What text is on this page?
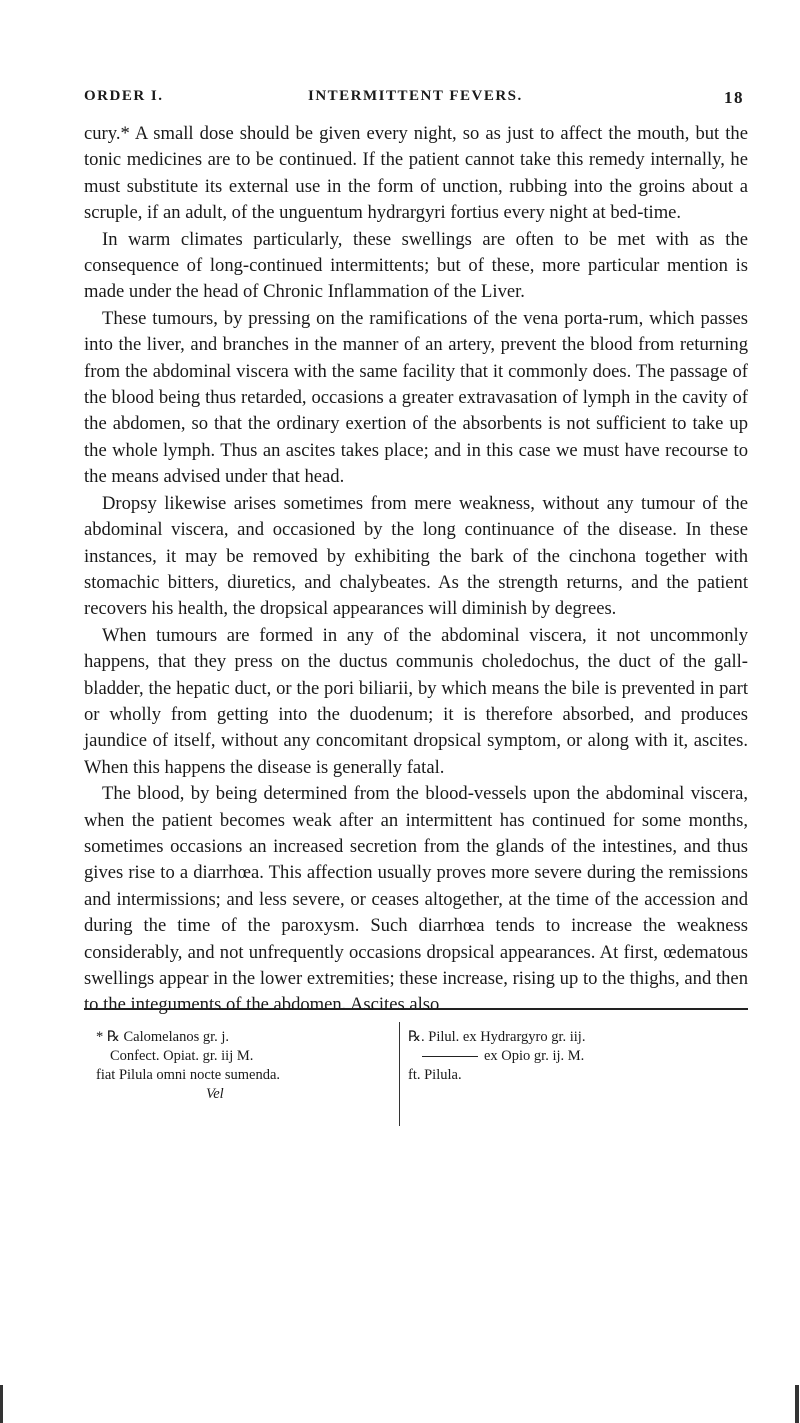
ORDER I.	INTERMITTENT FEVERS.	18

cury.* A small dose should be given every night, so as just to affect the mouth, but the tonic medicines are to be continued. If the patient cannot take this remedy internally, he must substitute its external use in the form of unction, rubbing into the groins about a scruple, if an adult, of the unguentum hydrargyri fortius every night at bed-time.

In warm climates particularly, these swellings are often to be met with as the consequence of long-continued intermittents; but of these, more particular mention is made under the head of Chronic Inflammation of the Liver.

These tumours, by pressing on the ramifications of the vena porta-rum, which passes into the liver, and branches in the manner of an artery, prevent the blood from returning from the abdominal viscera with the same facility that it commonly does. The passage of the blood being thus retarded, occasions a greater extravasation of lymph in the cavity of the abdomen, so that the ordinary exertion of the absorbents is not sufficient to take up the whole lymph. Thus an ascites takes place; and in this case we must have recourse to the means advised under that head.

Dropsy likewise arises sometimes from mere weakness, without any tumour of the abdominal viscera, and occasioned by the long continuance of the disease. In these instances, it may be removed by exhibiting the bark of the cinchona together with stomachic bitters, diuretics, and chalybeates. As the strength returns, and the patient recovers his health, the dropsical appearances will diminish by degrees.

When tumours are formed in any of the abdominal viscera, it not uncommonly happens, that they press on the ductus communis choledochus, the duct of the gall-bladder, the hepatic duct, or the pori biliarii, by which means the bile is prevented in part or wholly from getting into the duodenum; it is therefore absorbed, and produces jaundice of itself, without any concomitant dropsical symptom, or along with it, ascites. When this happens the disease is generally fatal.

The blood, by being determined from the blood-vessels upon the abdominal viscera, when the patient becomes weak after an intermittent has continued for some months, sometimes occasions an increased secretion from the glands of the intestines, and thus gives rise to a diarrhœa. This affection usually proves more severe during the remissions and intermissions; and less severe, or ceases altogether, at the time of the accession and during the time of the paroxysm. Such diarrhœa tends to increase the weakness considerably, and not unfrequently occasions dropsical appearances. At first, œdematous swellings appear in the lower extremities; these increase, rising up to the thighs, and then to the integuments of the abdomen. Ascites also

* ℞ Calomelanos gr. j.
Confect. Opiat. gr. iij M.
fiat Pilula omni nocte sumenda.
Vel
℞. Pilul. ex Hydrargyro gr. iij.
ex Opio gr. ij. M.
ft. Pilula.
